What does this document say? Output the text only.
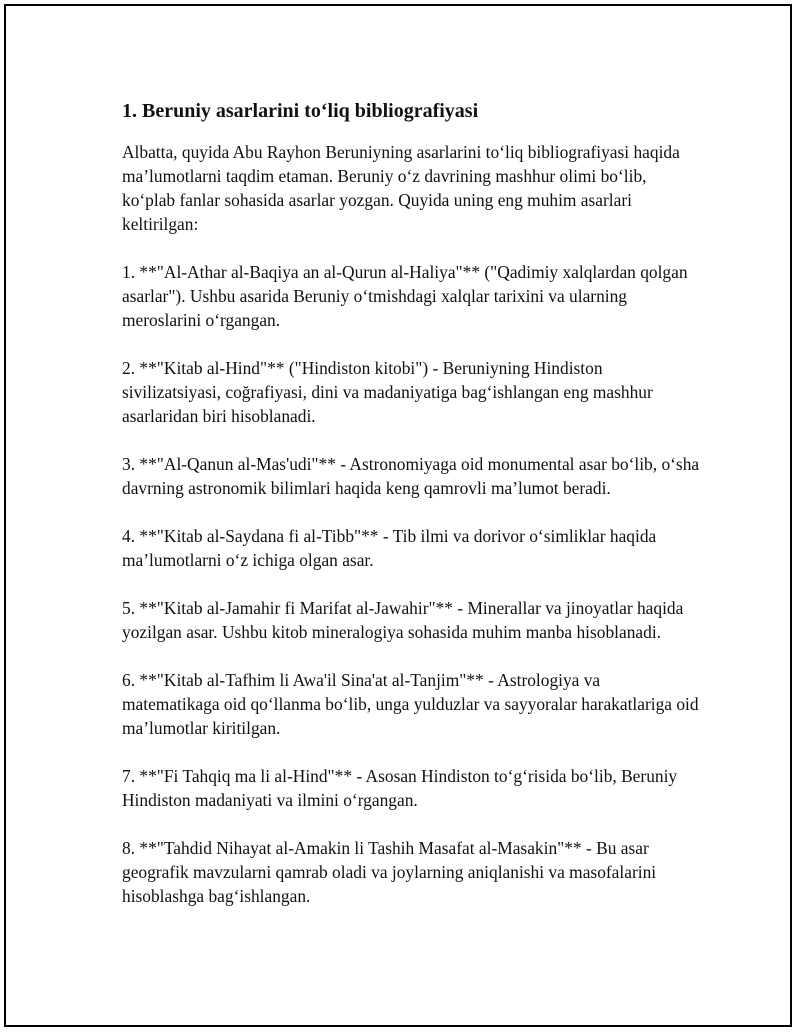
1. Beruniy asarlarini to‘liq bibliografiyasi

Albatta, quyida Abu Rayhon Beruniyning asarlarini to‘liq bibliografiyasi haqida ma’lumotlarni taqdim etaman. Beruniy o‘z davrining mashhur olimi bo‘lib, ko‘plab fanlar sohasida asarlar yozgan. Quyida uning eng muhim asarlari keltirilgan:

1. **"Al-Athar al-Baqiya an al-Qurun al-Haliya"** ("Qadimiy xalqlardan qolgan asarlar"). Ushbu asarida Beruniy o‘tmishdagi xalqlar tarixini va ularning meroslarini o‘rgangan.

2. **"Kitab al-Hind"** ("Hindiston kitobi") - Beruniyning Hindiston sivilizatsiyasi, coğrafiyasi, dini va madaniyatiga bag‘ishlangan eng mashhur asarlaridan biri hisoblanadi.

3. **"Al-Qanun al-Mas'udi"** - Astronomiyaga oid monumental asar bo‘lib, o‘sha davrning astronomik bilimlari haqida keng qamrovli ma’lumot beradi.

4. **"Kitab al-Saydana fi al-Tibb"** - Tib ilmi va dorivor o‘simliklar haqida ma’lumotlarni o‘z ichiga olgan asar.

5. **"Kitab al-Jamahir fi Marifat al-Jawahir"** - Minerallar va jinoyatlar haqida yozilgan asar. Ushbu kitob mineralogiya sohasida muhim manba hisoblanadi.

6. **"Kitab al-Tafhim li Awa'il Sina'at al-Tanjim"** - Astrologiya va matematikaga oid qo‘llanma bo‘lib, unga yulduzlar va sayyoralar harakatlariga oid ma’lumotlar kiritilgan.

7. **"Fi Tahqiq ma li al-Hind"** - Asosan Hindiston to‘g‘risida bo‘lib, Beruniy Hindiston madaniyati va ilmini o‘rgangan.

8. **"Tahdid Nihayat al-Amakin li Tashih Masafat al-Masakin"** - Bu asar geografik mavzularni qamrab oladi va joylarning aniqlanishi va masofalarini hisoblashga bag‘ishlangan.
